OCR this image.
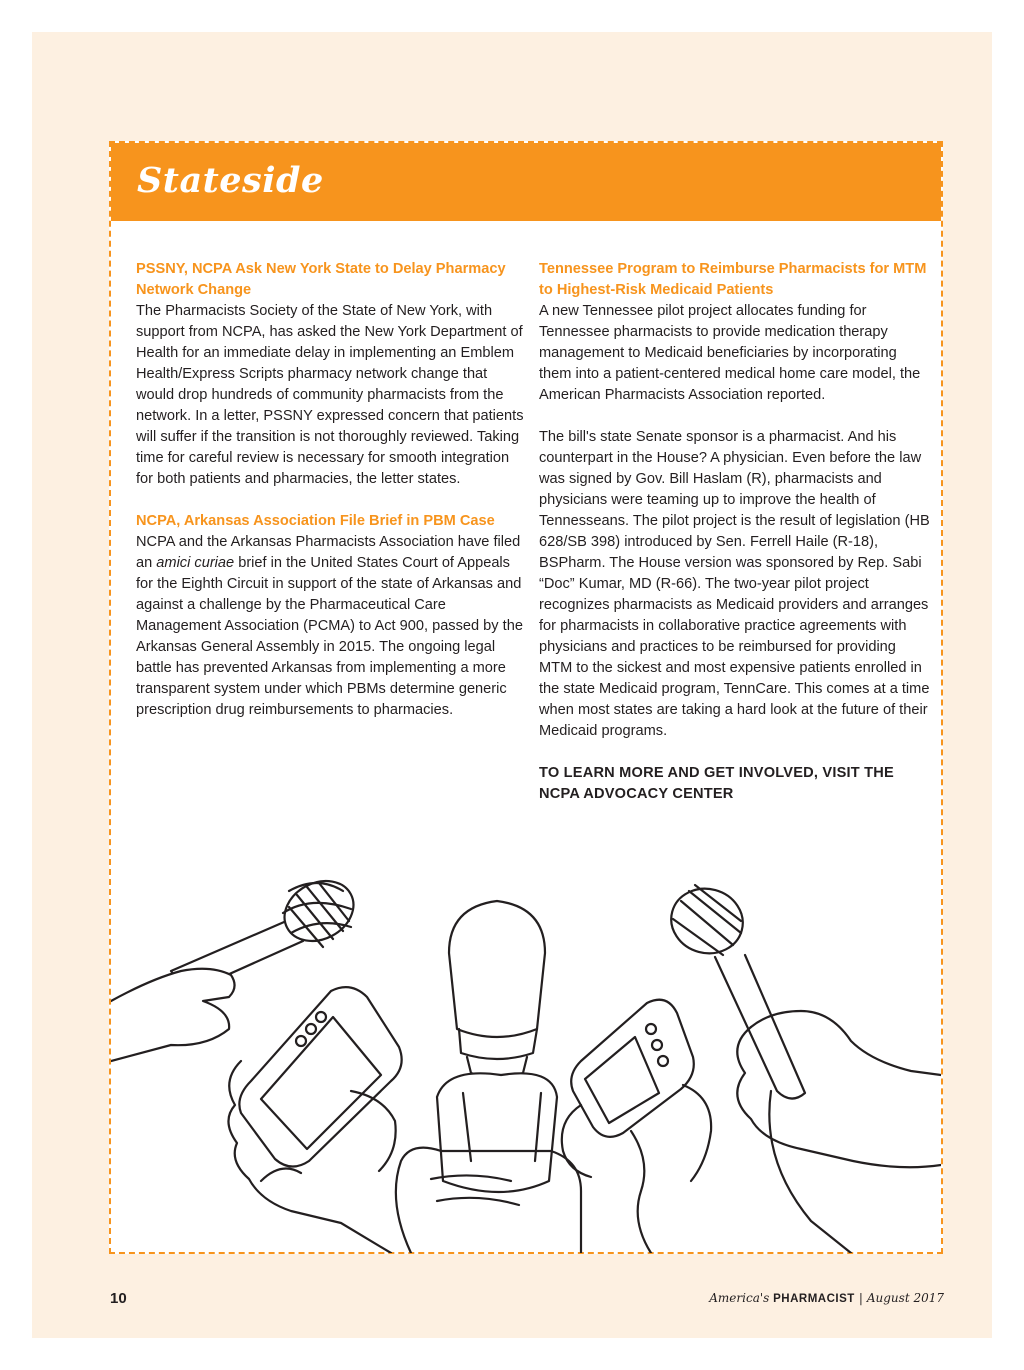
Stateside

PSSNY, NCPA Ask New York State to Delay Pharmacy Network Change

The Pharmacists Society of the State of New York, with support from NCPA, has asked the New York Department of Health for an immediate delay in implementing an Emblem Health/Express Scripts pharmacy network change that would drop hundreds of community pharmacists from the network. In a letter, PSSNY expressed concern that patients will suffer if the transition is not thoroughly reviewed. Taking time for careful review is necessary for smooth integration for both patients and pharmacies, the letter states.

NCPA, Arkansas Association File Brief in PBM Case

NCPA and the Arkansas Pharmacists Association have filed an amici curiae brief in the United States Court of Appeals for the Eighth Circuit in support of the state of Arkansas and against a challenge by the Pharmaceutical Care Management Association (PCMA) to Act 900, passed by the Arkansas General Assembly in 2015. The ongoing legal battle has prevented Arkansas from implementing a more transparent system under which PBMs determine generic prescription drug reimbursements to pharmacies.

Tennessee Program to Reimburse Pharmacists for MTM to Highest-Risk Medicaid Patients

A new Tennessee pilot project allocates funding for Tennessee pharmacists to provide medication therapy management to Medicaid beneficiaries by incorporating them into a patient-centered medical home care model, the American Pharmacists Association reported.

The bill's state Senate sponsor is a pharmacist. And his counterpart in the House? A physician. Even before the law was signed by Gov. Bill Haslam (R), pharmacists and physicians were teaming up to improve the health of Tennesseans. The pilot project is the result of legislation (HB 628/SB 398) introduced by Sen. Ferrell Haile (R-18), BSPharm. The House version was sponsored by Rep. Sabi “Doc” Kumar, MD (R-66). The two-year pilot project recognizes pharmacists as Medicaid providers and arranges for pharmacists in collaborative practice agreements with physicians and practices to be reimbursed for providing MTM to the sickest and most expensive patients enrolled in the state Medicaid program, TennCare. This comes at a time when most states are taking a hard look at the future of their Medicaid programs.

TO LEARN MORE AND GET INVOLVED, VISIT THE NCPA ADVOCACY CENTER

10	America's PHARMACIST | August 2017
